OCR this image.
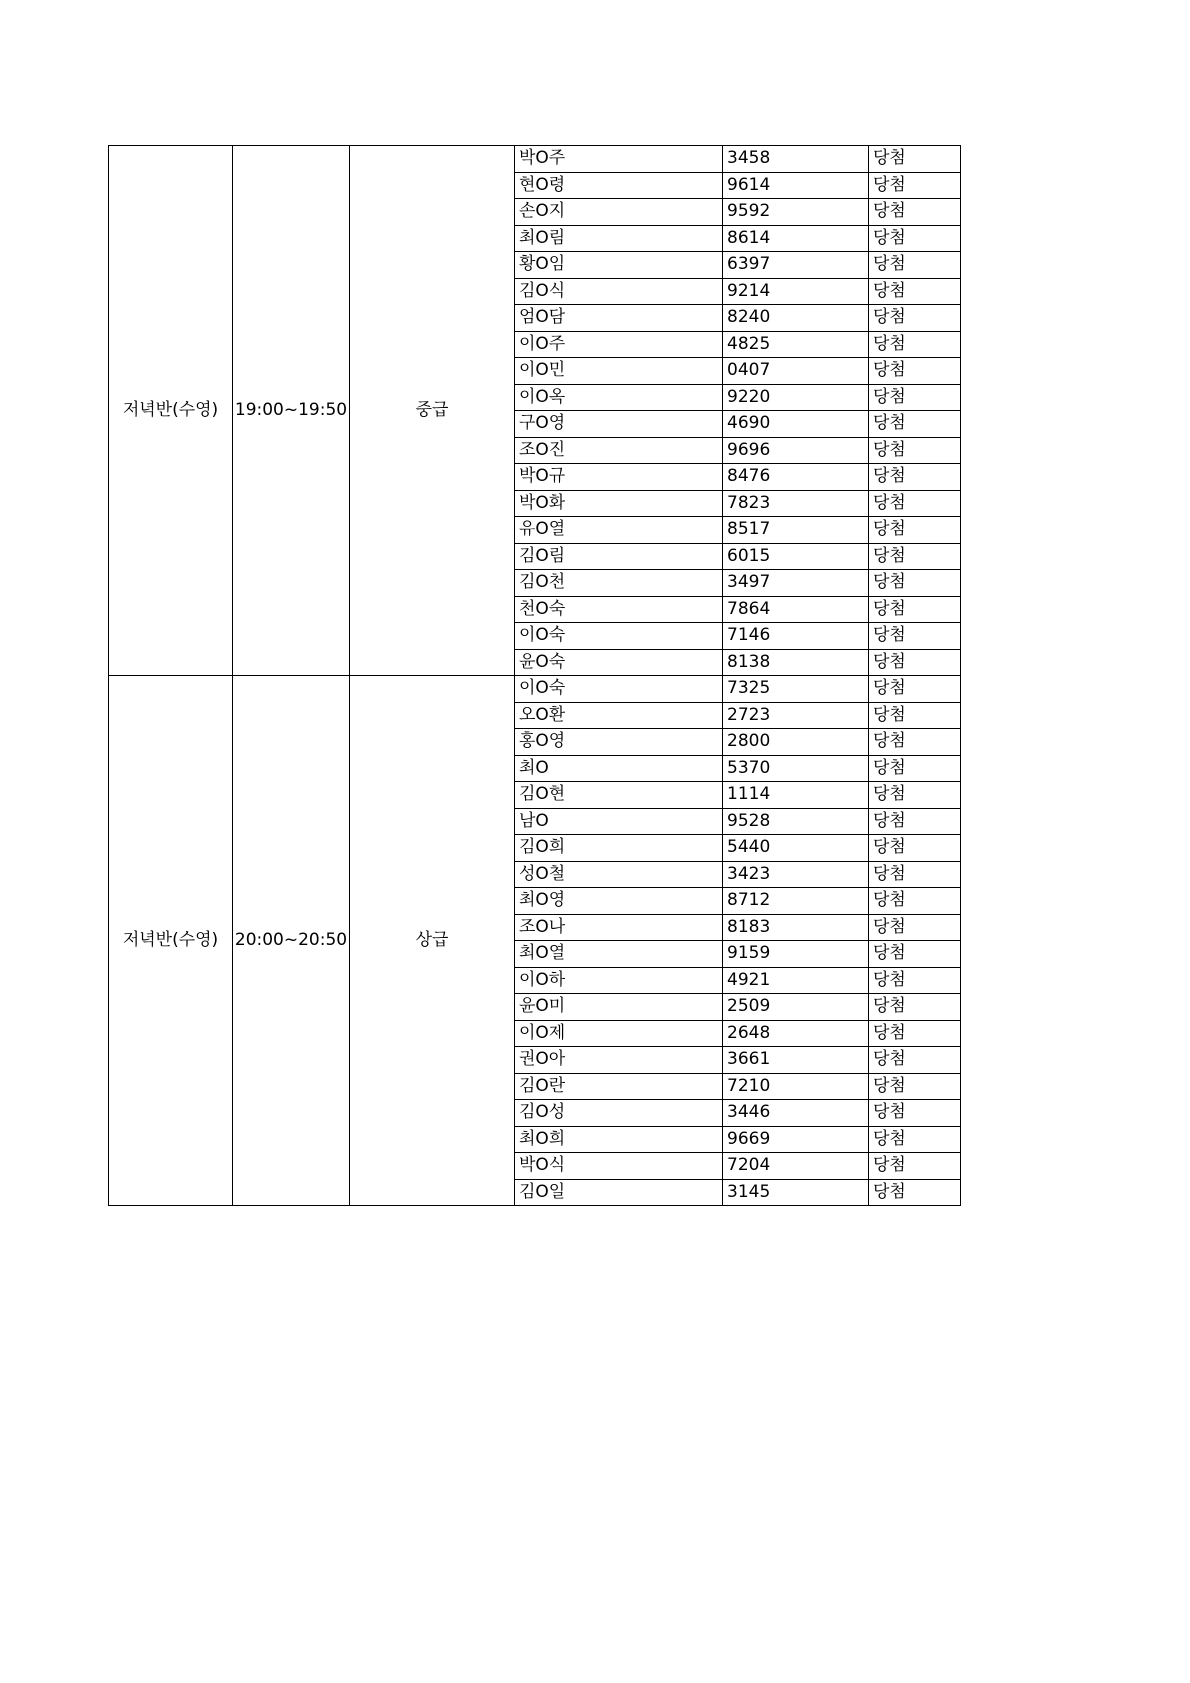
저녁반(수영)	19:00~19:50	중급	박O주	3458	당첨
			현O령	9614	당첨
			손O지	9592	당첨
			최O림	8614	당첨
			황O임	6397	당첨
			김O식	9214	당첨
			엄O담	8240	당첨
			이O주	4825	당첨
			이O민	0407	당첨
			이O옥	9220	당첨
			구O영	4690	당첨
			조O진	9696	당첨
			박O규	8476	당첨
			박O화	7823	당첨
			유O열	8517	당첨
			김O림	6015	당첨
			김O천	3497	당첨
			천O숙	7864	당첨
			이O숙	7146	당첨
			윤O숙	8138	당첨
저녁반(수영)	20:00~20:50	상급	이O숙	7325	당첨
			오O환	2723	당첨
			홍O영	2800	당첨
			최O	5370	당첨
			김O현	1114	당첨
			남O	9528	당첨
			김O희	5440	당첨
			성O철	3423	당첨
			최O영	8712	당첨
			조O나	8183	당첨
			최O열	9159	당첨
			이O하	4921	당첨
			윤O미	2509	당첨
			이O제	2648	당첨
			권O아	3661	당첨
			김O란	7210	당첨
			김O성	3446	당첨
			최O희	9669	당첨
			박O식	7204	당첨
			김O일	3145	당첨
